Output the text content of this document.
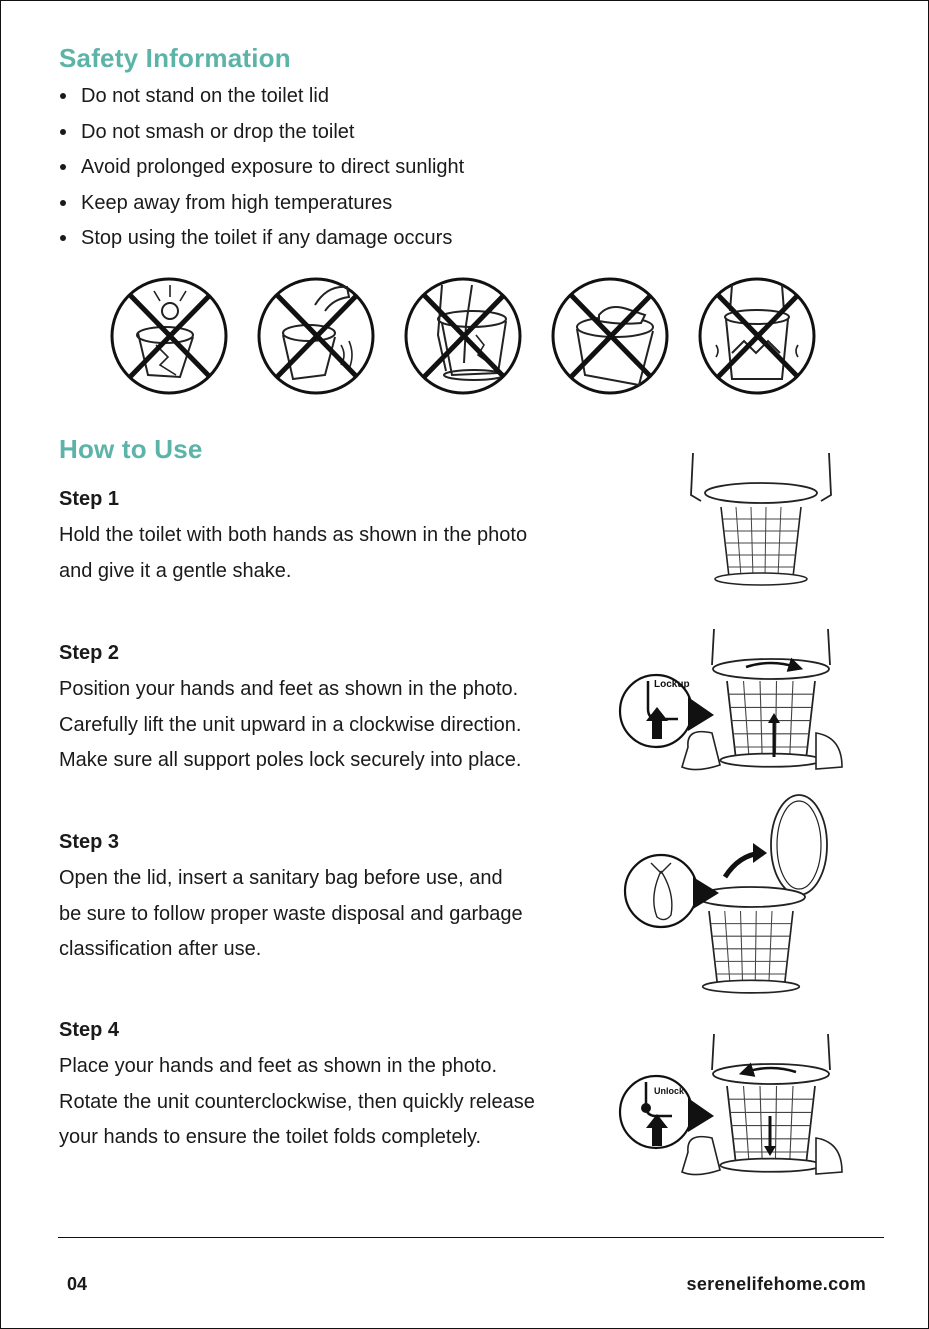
Safety Information
Do not stand on the toilet lid
Do not smash or drop the toilet
Avoid prolonged exposure to direct sunlight
Keep away from high temperatures
Stop using the toilet if any damage occurs
How to Use
Step 1

Hold the toilet with both hands as shown in the photo

and give it a gentle shake.

Step 2

Position your hands and feet as shown in the photo.

Carefully lift the unit upward in a clockwise direction.

Make sure all support poles lock securely into place.

Step 3

Open the lid, insert a sanitary bag before use, and

be sure to follow proper waste disposal and garbage

classification after use.

Step 4

Place your hands and feet as shown in the photo.

Rotate the unit counterclockwise, then quickly release

your hands to ensure the toilet folds completely.

Lockup
Unlock
04	serenelifehome.com
